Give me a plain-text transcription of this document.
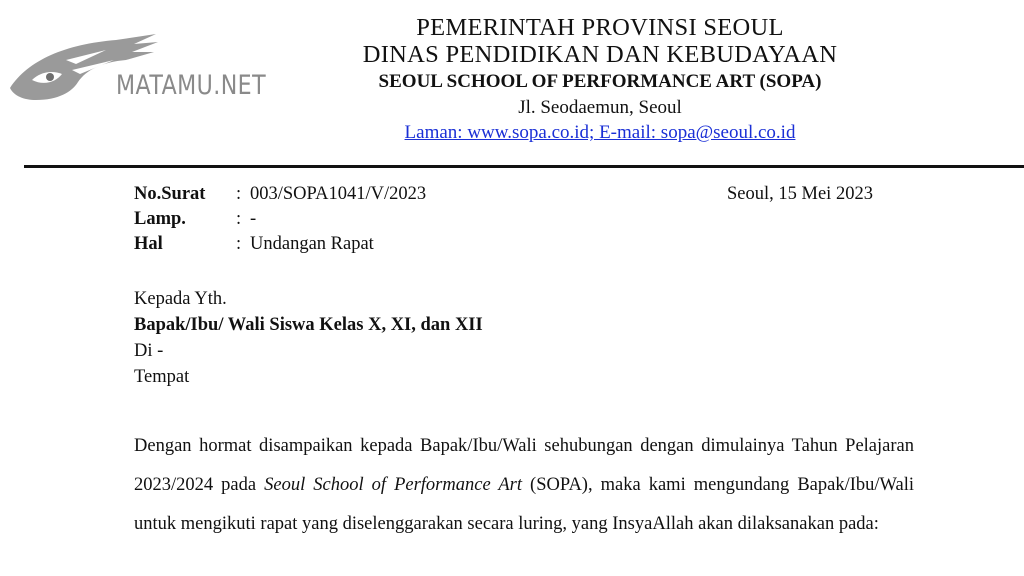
MATAMU.NET
PEMERINTAH PROVINSI SEOUL
DINAS PENDIDIKAN DAN KEBUDAYAAN
SEOUL SCHOOL OF PERFORMANCE ART (SOPA)
Jl. Seodaemun, Seoul
Laman: www.sopa.co.id; E-mail: sopa@seoul.co.id
No.Surat : 003/SOPA1041/V/2023
Lamp.	: -
Hal	: Undangan Rapat
Seoul, 15 Mei 2023
Kepada Yth.
Bapak/Ibu/ Wali Siswa Kelas X, XI, dan XII
Di -
Tempat

Dengan hormat disampaikan kepada Bapak/Ibu/Wali sehubungan dengan dimulainya Tahun Pelajaran 2023/2024 pada Seoul School of Performance Art (SOPA), maka kami mengundang Bapak/Ibu/Wali untuk mengikuti rapat yang diselenggarakan secara luring, yang InsyaAllah akan dilaksanakan pada:
